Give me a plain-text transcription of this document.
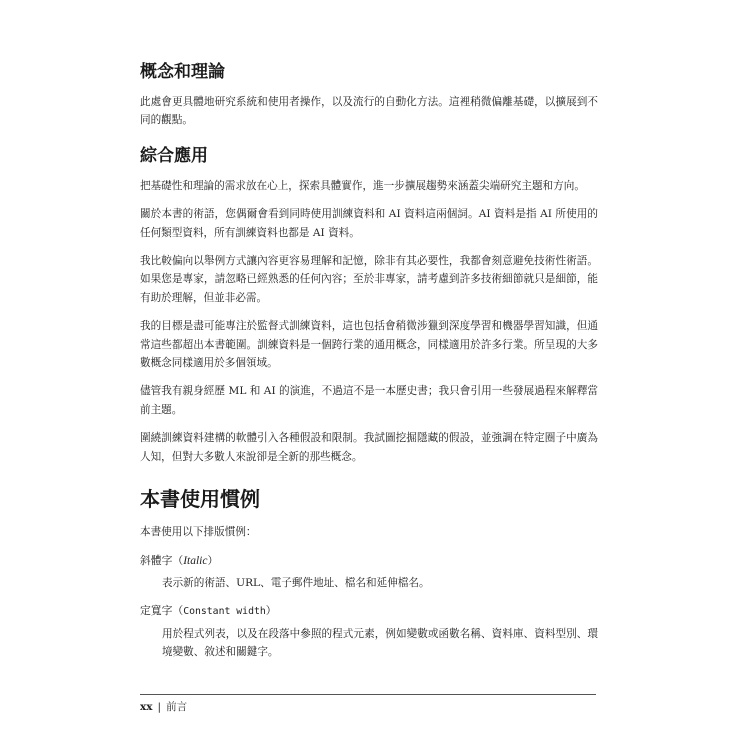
概念和理論

此處會更具體地研究系統和使用者操作，以及流行的自動化方法。這裡稍微偏離基礎，以擴展到不同的觀點。

綜合應用

把基礎性和理論的需求放在心上，探索具體實作，進一步擴展趨勢來涵蓋尖端研究主題和方向。

關於本書的術語，您偶爾會看到同時使用訓練資料和 AI 資料這兩個詞。AI 資料是指 AI 所使用的任何類型資料，所有訓練資料也都是 AI 資料。

我比較偏向以舉例方式讓內容更容易理解和記憶，除非有其必要性，我都會刻意避免技術性術語。如果您是專家，請忽略已經熟悉的任何內容；至於非專家，請考慮到許多技術細節就只是細節，能有助於理解，但並非必需。

我的目標是盡可能專注於監督式訓練資料，這也包括會稍微涉獵到深度學習和機器學習知識，但通常這些都超出本書範圍。訓練資料是一個跨行業的通用概念，同樣適用於許多行業。所呈現的大多數概念同樣適用於多個領域。

儘管我有親身經歷 ML 和 AI 的演進，不過這不是一本歷史書；我只會引用一些發展過程來解釋當前主題。

圍繞訓練資料建構的軟體引入各種假設和限制。我試圖挖掘隱藏的假設，並強調在特定圈子中廣為人知，但對大多數人來說卻是全新的那些概念。

本書使用慣例

本書使用以下排版慣例：

斜體字（Italic）
表示新的術語、URL、電子郵件地址、檔名和延伸檔名。
定寬字（Constant width）
用於程式列表，以及在段落中參照的程式元素，例如變數或函數名稱、資料庫、資料型別、環境變數、敘述和關鍵字。
xx | 前言
